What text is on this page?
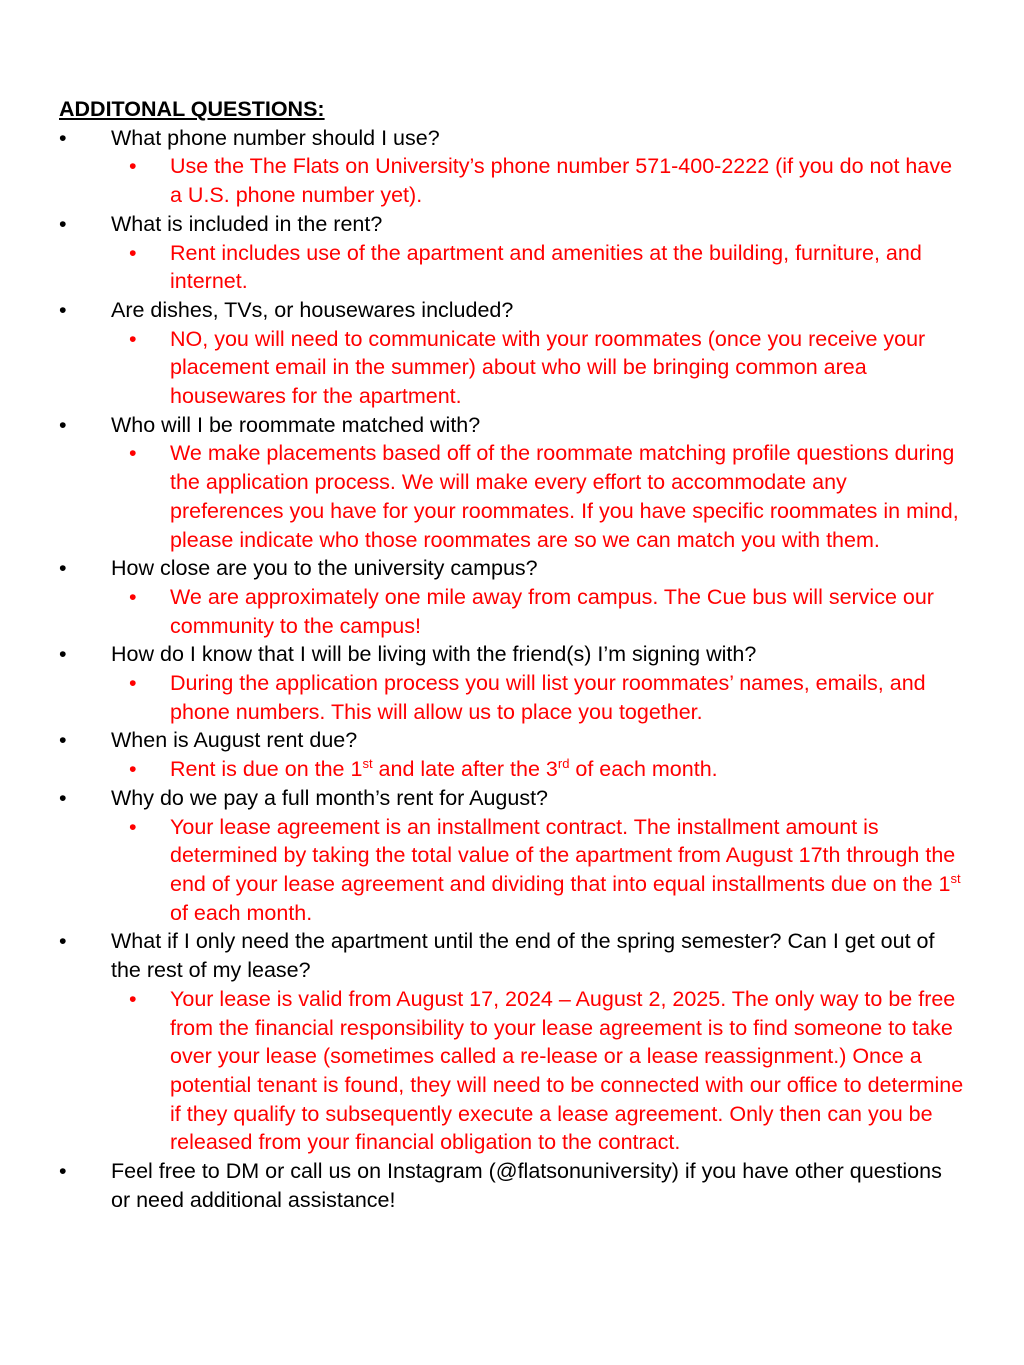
ADDITONAL QUESTIONS:

• What phone number should I use?

• Use the The Flats on University’s phone number 571-400-2222 (if you do not have a U.S. phone number yet).

• What is included in the rent?

• Rent includes use of the apartment and amenities at the building, furniture, and internet.

• Are dishes, TVs, or housewares included?

• NO, you will need to communicate with your roommates (once you receive your placement email in the summer) about who will be bringing common area housewares for the apartment.

• Who will I be roommate matched with?

• We make placements based off of the roommate matching profile questions during the application process. We will make every effort to accommodate any preferences you have for your roommates. If you have specific roommates in mind, please indicate who those roommates are so we can match you with them.

• How close are you to the university campus?

• We are approximately one mile away from campus. The Cue bus will service our community to the campus!

• How do I know that I will be living with the friend(s) I’m signing with?

• During the application process you will list your roommates’ names, emails, and phone numbers. This will allow us to place you together.

• When is August rent due?

• Rent is due on the 1st and late after the 3rd of each month.

• Why do we pay a full month’s rent for August?

• Your lease agreement is an installment contract. The installment amount is determined by taking the total value of the apartment from August 17th through the end of your lease agreement and dividing that into equal installments due on the 1st of each month.

• What if I only need the apartment until the end of the spring semester? Can I get out of the rest of my lease?

• Your lease is valid from August 17, 2024 – August 2, 2025. The only way to be free from the financial responsibility to your lease agreement is to find someone to take over your lease (sometimes called a re-lease or a lease reassignment.) Once a potential tenant is found, they will need to be connected with our office to determine if they qualify to subsequently execute a lease agreement. Only then can you be released from your financial obligation to the contract.

• Feel free to DM or call us on Instagram (@flatsonuniversity) if you have other questions or need additional assistance!
